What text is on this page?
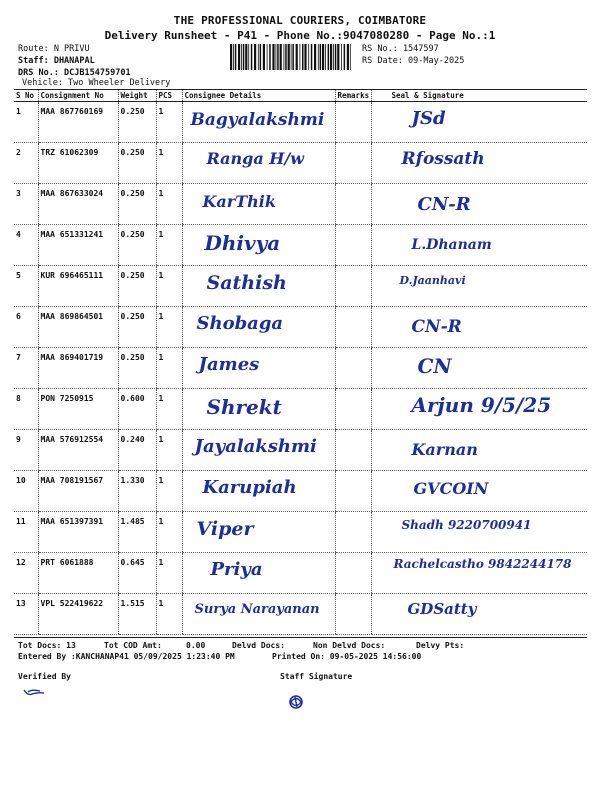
THE PROFESSIONAL COURIERS, COIMBATORE
Delivery Runsheet - P41 - Phone No.:9047080280 - Page No.:1
Route: N PRIVU
Staff: DHANAPAL
DRS No.: DCJB154759701
Vehicle: Two Wheeler Delivery
RS No.: 1547597
RS Date: 09-May-2025
S No	Consignment No	Weight	PCS	Consignee Details	Remarks	Seal & Signature
1	MAA 867760169	0.250	1	Bagyalakshmi		JSd

2	TRZ 61062309	0.250	1	Ranga H/w		Rfossath

3	MAA 867633024	0.250	1	KarThik		CN-R

4	MAA 651331241	0.250	1	Dhivya		L.Dhanam

5	KUR 696465111	0.250	1	Sathish		D.Jaanhavi

6	MAA 869864501	0.250	1	Shobaga		CN-R

7	MAA 869401719	0.250	1	James		CN

8	PON 7250915	0.600	1	Shrekt		Arjun 9/5/25

9	MAA 576912554	0.240	1	Jayalakshmi		Karnan

10	MAA 708191567	1.330	1	Karupiah		GVCOIN

11	MAA 651397391	1.485	1	Viper		Shadh 9220700941

12	PRT 6061888	0.645	1	Priya		Rachelcastho 9842244178

13	VPL 522419622	1.515	1	Surya Narayanan		GDSatty
Tot Docs: 13	Tot COD Amt:	0.00	Delvd Docs:	Non Delvd Docs:	Delvy Pts:
Entered By :KANCHANAP41 05/09/2025 1:23:40 PM	Printed On: 09-05-2025 14:56:00
Verified By	Staff Signature
